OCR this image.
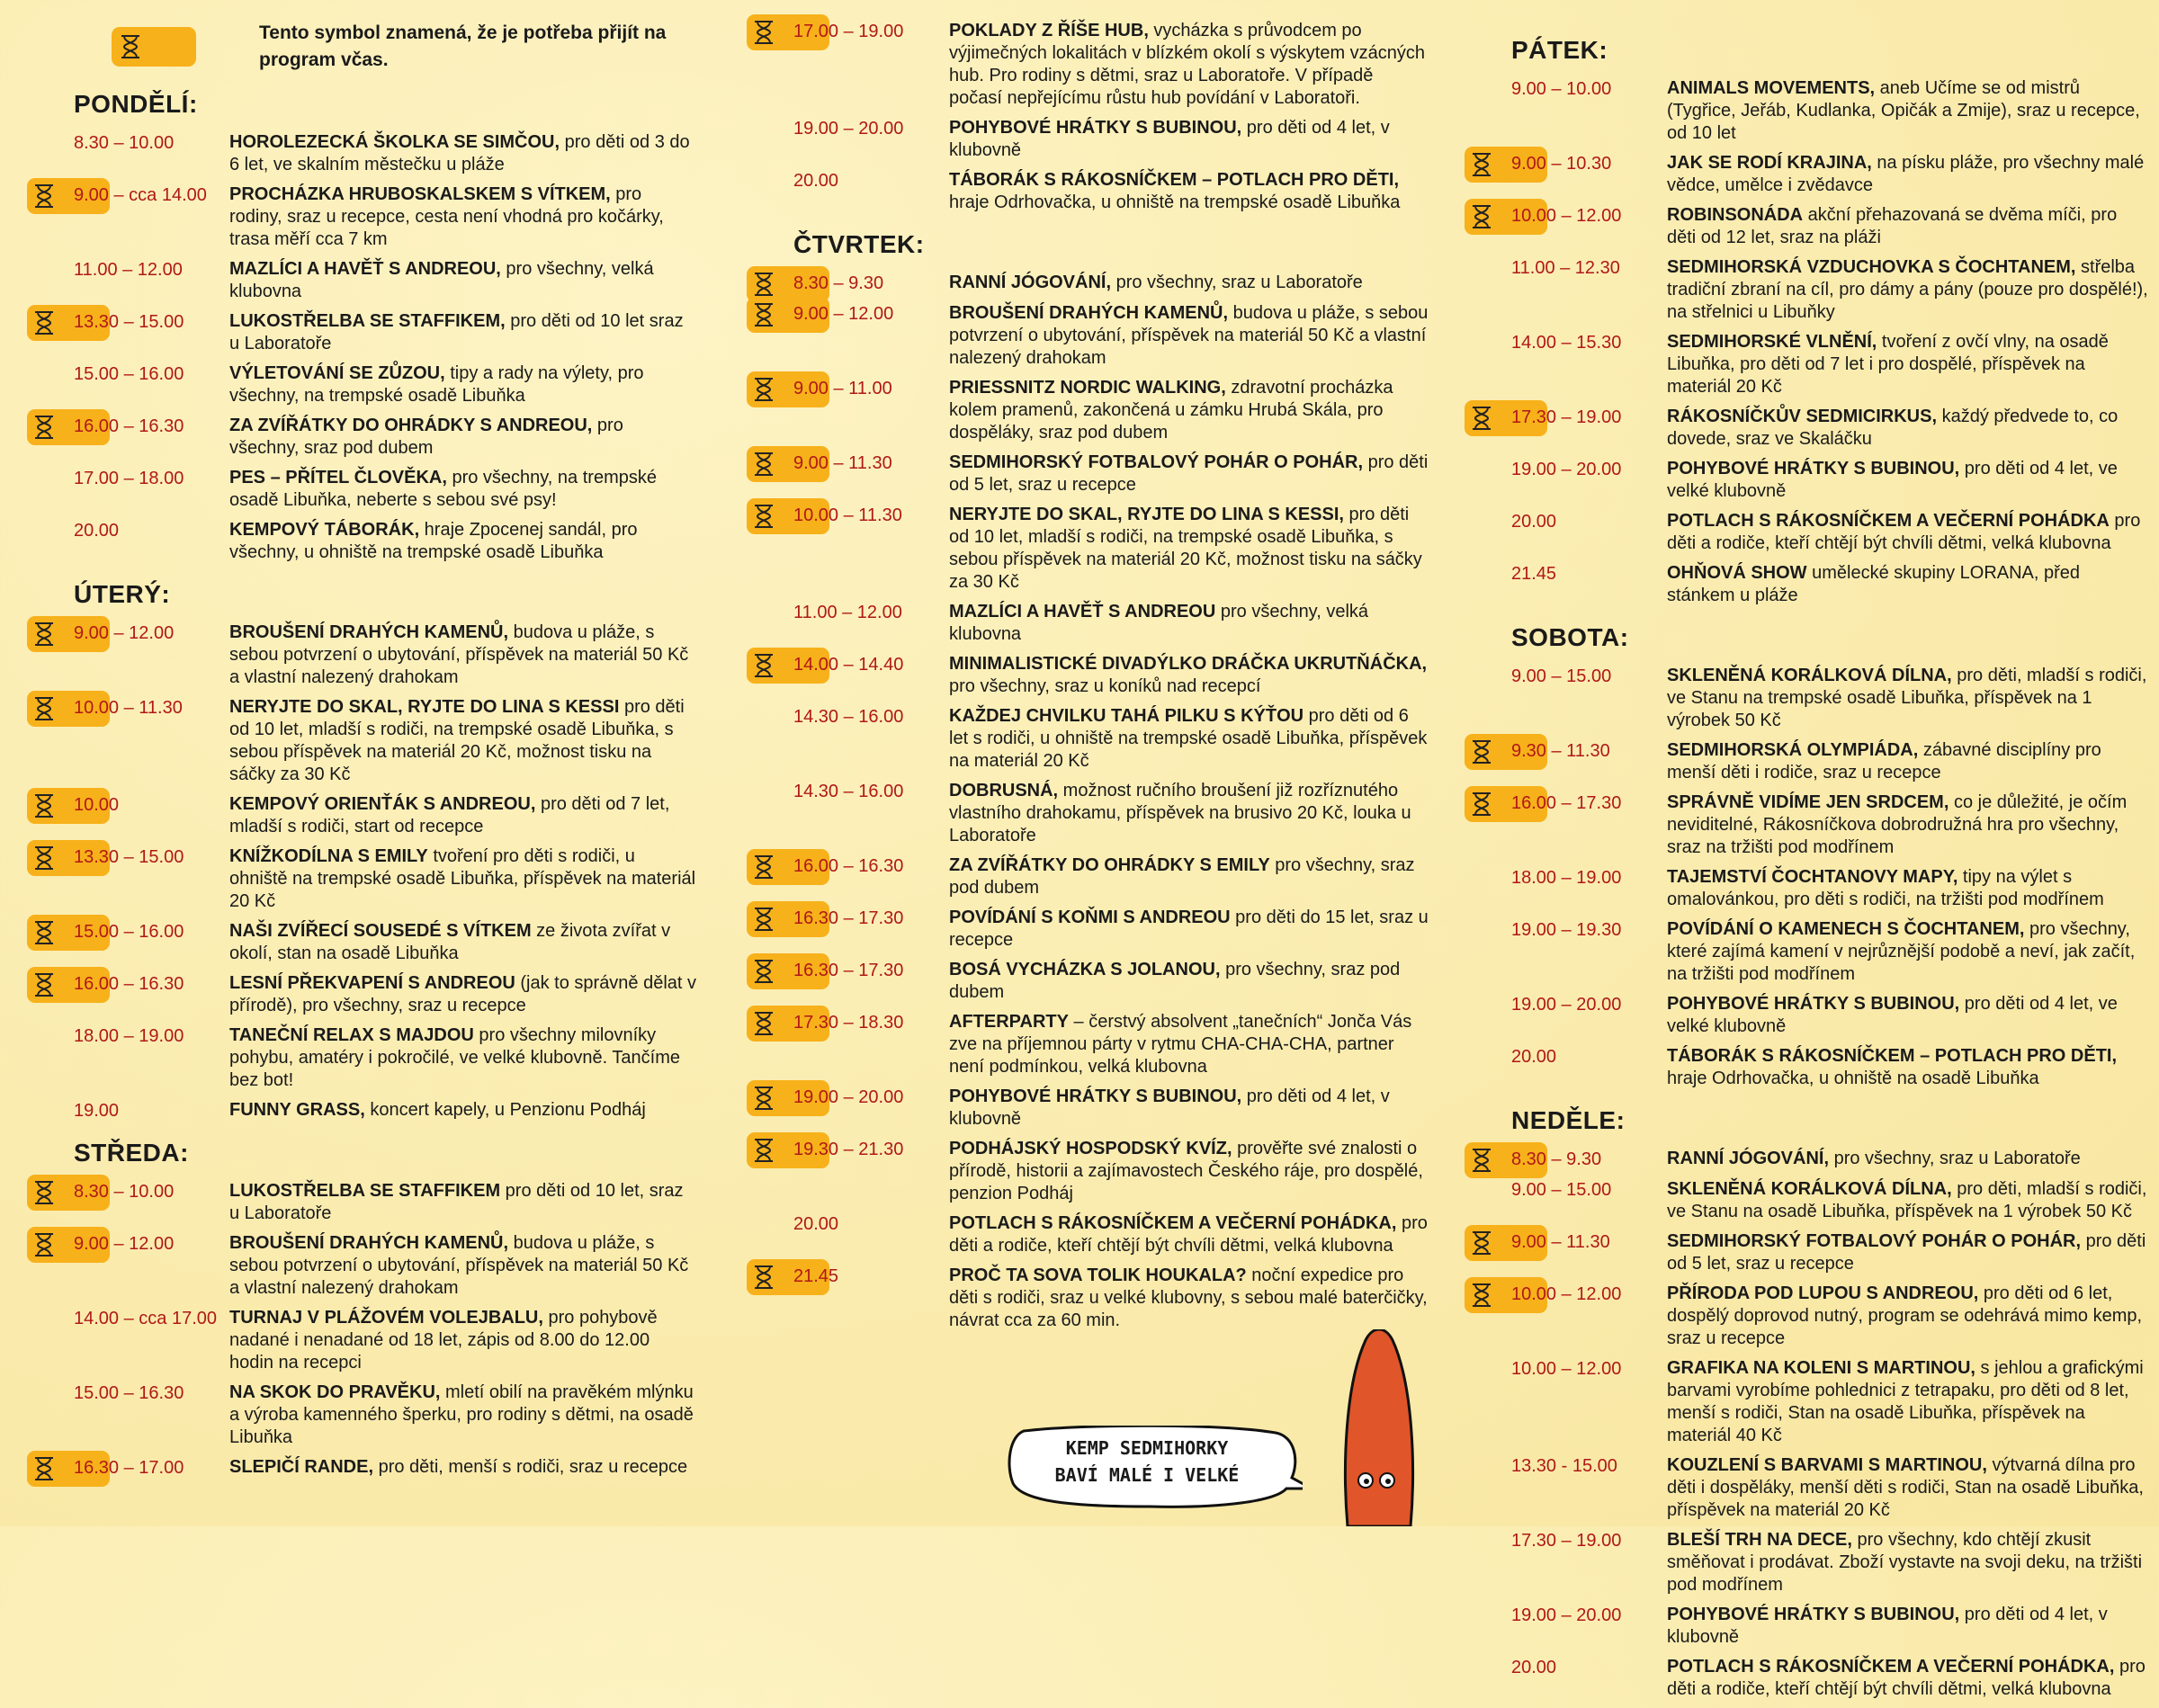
Tento symbol znamená, že je potřeba přijít na program včas.
PONDĚLÍ:
8.30 – 10.00	HOROLEZECKÁ ŠKOLKA SE SIMČOU, pro děti od 3 do 6 let, ve skalním městečku u pláže
9.00 – cca 14.00	PROCHÁZKA HRUBOSKALSKEM S VÍTKEM, pro rodiny, sraz u recepce, cesta není vhodná pro kočárky, trasa měří cca 7 km
11.00 – 12.00	MAZLÍCI A HAVĚŤ S ANDREOU, pro všechny, velká klubovna
13.30 – 15.00	LUKOSTŘELBA SE STAFFIKEM, pro děti od 10 let sraz u Laboratoře
15.00 – 16.00	VÝLETOVÁNÍ SE ZŮZOU, tipy a rady na výlety, pro všechny, na trempské osadě Libuňka
16.00 – 16.30	ZA ZVÍŘÁTKY DO OHRÁDKY S ANDREOU, pro všechny, sraz pod dubem
17.00 – 18.00	PES – PŘÍTEL ČLOVĚKA, pro všechny, na trempské osadě Libuňka, neberte s sebou své psy!
20.00	KEMPOVÝ TÁBORÁK, hraje Zpocenej sandál, pro všechny, u ohniště na trempské osadě Libuňka
ÚTERÝ:
9.00 – 12.00	BROUŠENÍ DRAHÝCH KAMENŮ, budova u pláže, s sebou potvrzení o ubytování, příspěvek na materiál 50 Kč a vlastní nalezený drahokam
10.00 – 11.30	NERYJTE DO SKAL, RYJTE DO LINA S KESSI pro děti od 10 let, mladší s rodiči, na trempské osadě Libuňka, s sebou příspěvek na materiál 20 Kč, možnost tisku na sáčky za 30 Kč
10.00	KEMPOVÝ ORIENŤÁK S ANDREOU, pro děti od 7 let, mladší s rodiči, start od recepce
13.30 – 15.00	KNÍŽKODÍLNA S EMILY tvoření pro děti s rodiči, u ohniště na trempské osadě Libuňka, příspěvek na materiál 20 Kč
15.00 – 16.00	NAŠI ZVÍŘECÍ SOUSEDÉ S VÍTKEM ze života zvířat v okolí, stan na osadě Libuňka
16.00 – 16.30	LESNÍ PŘEKVAPENÍ S ANDREOU (jak to správně dělat v přírodě), pro všechny, sraz u recepce
18.00 – 19.00	TANEČNÍ RELAX S MAJDOU pro všechny milovníky pohybu, amatéry i pokročilé, ve velké klubovně. Tančíme bez bot!
19.00	FUNNY GRASS, koncert kapely, u Penzionu Podháj
STŘEDA:
8.30 – 10.00	LUKOSTŘELBA SE STAFFIKEM pro děti od 10 let, sraz u Laboratoře
9.00 – 12.00	BROUŠENÍ DRAHÝCH KAMENŮ, budova u pláže, s sebou potvrzení o ubytování, příspěvek na materiál 50 Kč a vlastní nalezený drahokam
14.00 – cca 17.00 TURNAJ V PLÁŽOVÉM VOLEJBALU, pro pohybově nadané i nenadané od 18 let, zápis od 8.00 do 12.00 hodin na recepci
15.00 – 16.30	NA SKOK DO PRAVĚKU, mletí obilí na pravěkém mlýnku a výroba kamenného šperku, pro rodiny s dětmi, na osadě Libuňka
16.30 – 17.00	SLEPIČÍ RANDE, pro děti, menší s rodiči, sraz u recepce
17.00 – 19.00	POKLADY Z ŘÍŠE HUB, vycházka s průvodcem po výjimečných lokalitách v blízkém okolí s výskytem vzácných hub. Pro rodiny s dětmi, sraz u Laboratoře. V případě počasí nepřejícímu růstu hub povídání v Laboratoři.
19.00 – 20.00	POHYBOVÉ HRÁTKY S BUBINOU, pro děti od 4 let, v klubovně
20.00	TÁBORÁK S RÁKOSNÍČKEM – POTLACH PRO DĚTI, hraje Odrhovačka, u ohniště na trempské osadě Libuňka
ČTVRTEK:
8.30 – 9.30	RANNÍ JÓGOVÁNÍ, pro všechny, sraz u Laboratoře
9.00 – 12.00	BROUŠENÍ DRAHÝCH KAMENŮ, budova u pláže, s sebou potvrzení o ubytování, příspěvek na materiál 50 Kč a vlastní nalezený drahokam
9.00 – 11.00	PRIESSNITZ NORDIC WALKING, zdravotní procházka kolem pramenů, zakončená u zámku Hrubá Skála, pro dospěláky, sraz pod dubem
9.00 – 11.30	SEDMIHORSKÝ FOTBALOVÝ POHÁR O POHÁR, pro děti od 5 let, sraz u recepce
10.00 – 11.30	NERYJTE DO SKAL, RYJTE DO LINA S KESSI, pro děti od 10 let, mladší s rodiči, na trempské osadě Libuňka, s sebou příspěvek na materiál 20 Kč, možnost tisku na sáčky za 30 Kč
11.00 – 12.00	MAZLÍCI A HAVĚŤ S ANDREOU pro všechny, velká klubovna
14.00 – 14.40	MINIMALISTICKÉ DIVADÝLKO DRÁČKA UKRUTŇÁČKA, pro všechny, sraz u koníků nad recepcí
14.30 – 16.00	KAŽDEJ CHVILKU TAHÁ PILKU S KÝŤOU pro děti od 6 let s rodiči, u ohniště na trempské osadě Libuňka, příspěvek na materiál 20 Kč
14.30 – 16.00	DOBRUSNÁ, možnost ručního broušení již rozříznutého vlastního drahokamu, příspěvek na brusivo 20 Kč, louka u Laboratoře
16.00 – 16.30	ZA ZVÍŘÁTKY DO OHRÁDKY S EMILY pro všechny, sraz pod dubem
16.30 – 17.30	POVÍDÁNÍ S KOŇMI S ANDREOU pro děti do 15 let, sraz u recepce
16.30 – 17.30	BOSÁ VYCHÁZKA S JOLANOU, pro všechny, sraz pod dubem
17.30 – 18.30	AFTERPARTY – čerstvý absolvent „tanečních“ Jonča Vás zve na příjemnou párty v rytmu CHA-CHA-CHA, partner není podmínkou, velká klubovna
19.00 – 20.00	POHYBOVÉ HRÁTKY S BUBINOU, pro děti od 4 let, v klubovně
19.30 – 21.30	PODHÁJSKÝ HOSPODSKÝ KVÍZ, prověřte své znalosti o přírodě, historii a zajímavostech Českého ráje, pro dospělé, penzion Podháj
20.00	POTLACH S RÁKOSNÍČKEM A VEČERNÍ POHÁDKA, pro děti a rodiče, kteří chtějí být chvíli dětmi, velká klubovna
21.45	PROČ TA SOVA TOLIK HOUKALA? noční expedice pro děti s rodiči, sraz u velké klubovny, s sebou malé baterčičky, návrat cca za 60 min.
PÁTEK:
9.00 – 10.00	ANIMALS MOVEMENTS, aneb Učíme se od mistrů (Tygřice, Jeřáb, Kudlanka, Opičák a Zmije), sraz u recepce, od 10 let
9.00 – 10.30	JAK SE RODÍ KRAJINA, na písku pláže, pro všechny malé vědce, umělce i zvědavce
10.00 – 12.00	ROBINSONÁDA akční přehazovaná se dvěma míči, pro děti od 12 let, sraz na pláži
11.00 – 12.30	SEDMIHORSKÁ VZDUCHOVKA S ČOCHTANEM, střelba tradiční zbraní na cíl, pro dámy a pány (pouze pro dospělé!), na střelnici u Libuňky
14.00 – 15.30	SEDMIHORSKÉ VLNĚNÍ, tvoření z ovčí vlny, na osadě Libuňka, pro děti od 7 let i pro dospělé, příspěvek na materiál 20 Kč
17.30 – 19.00	RÁKOSNÍČKŮV SEDMICIRKUS, každý předvede to, co dovede, sraz ve Skaláčku
19.00 – 20.00	POHYBOVÉ HRÁTKY S BUBINOU, pro děti od 4 let, ve velké klubovně
20.00	POTLACH S RÁKOSNÍČKEM A VEČERNÍ POHÁDKA pro děti a rodiče, kteří chtějí být chvíli dětmi, velká klubovna
21.45	OHŇOVÁ SHOW umělecké skupiny LORANA, před stánkem u pláže
SOBOTA:
9.00 – 15.00	SKLENĚNÁ KORÁLKOVÁ DÍLNA, pro děti, mladší s rodiči, ve Stanu na trempské osadě Libuňka, příspěvek na 1 výrobek 50 Kč
9.30 – 11.30	SEDMIHORSKÁ OLYMPIÁDA, zábavné disciplíny pro menší děti i rodiče, sraz u recepce
16.00 – 17.30	SPRÁVNĚ VIDÍME JEN SRDCEM, co je důležité, je očím neviditelné, Rákosníčkova dobrodružná hra pro všechny, sraz na tržišti pod modřínem
18.00 – 19.00	TAJEMSTVÍ ČOCHTANOVY MAPY, tipy na výlet s omalovánkou, pro děti s rodiči, na tržišti pod modřínem
19.00 – 19.30	POVÍDÁNÍ O KAMENECH S ČOCHTANEM, pro všechny, které zajímá kamení v nejrůznější podobě a neví, jak začít, na tržišti pod modřínem
19.00 – 20.00	POHYBOVÉ HRÁTKY S BUBINOU, pro děti od 4 let, ve velké klubovně
20.00	TÁBORÁK S RÁKOSNÍČKEM – POTLACH PRO DĚTI, hraje Odrhovačka, u ohniště na osadě Libuňka
NEDĚLE:
8.30 – 9.30	RANNÍ JÓGOVÁNÍ, pro všechny, sraz u Laboratoře
9.00 – 15.00	SKLENĚNÁ KORÁLKOVÁ DÍLNA, pro děti, mladší s rodiči, ve Stanu na osadě Libuňka, příspěvek na 1 výrobek 50 Kč
9.00 – 11.30	SEDMIHORSKÝ FOTBALOVÝ POHÁR O POHÁR, pro děti od 5 let, sraz u recepce
10.00 – 12.00	PŘÍRODA POD LUPOU S ANDREOU, pro děti od 6 let, dospělý doprovod nutný, program se odehrává mimo kemp, sraz u recepce
10.00 – 12.00	GRAFIKA NA KOLENI S MARTINOU, s jehlou a grafickými barvami vyrobíme pohlednici z tetrapaku, pro děti od 8 let, menší s rodiči, Stan na osadě Libuňka, příspěvek na materiál 40 Kč
13.30 - 15.00	KOUZLENÍ S BARVAMI S MARTINOU, výtvarná dílna pro děti i dospěláky, menší děti s rodiči, Stan na osadě Libuňka, příspěvek na materiál 20 Kč
17.30 – 19.00	BLEŠÍ TRH NA DECE, pro všechny, kdo chtějí zkusit směňovat i prodávat. Zboží vystavte na svoji deku, na tržišti pod modřínem
19.00 – 20.00	POHYBOVÉ HRÁTKY S BUBINOU, pro děti od 4 let, v klubovně
20.00	POTLACH S RÁKOSNÍČKEM A VEČERNÍ POHÁDKA, pro děti a rodiče, kteří chtějí být chvíli dětmi, velká klubovna
KEMP SEDMIHORKY
BAVÍ MALÉ I VELKÉ
